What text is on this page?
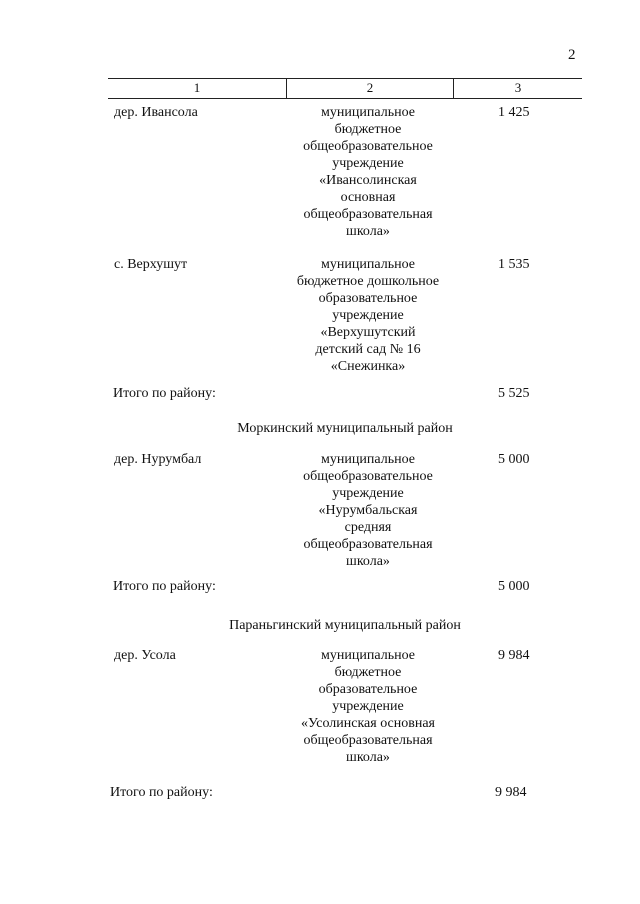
2
1	2	3
дер. Ивансола	муниципальное
бюджетное
общеобразовательное
учреждение
«Ивансолинская
основная
общеобразовательная
школа»
1 425
с. Верхушут	муниципальное
бюджетное дошкольное
образовательное
учреждение
«Верхушутский
детский сад № 16
«Снежинка»
1 535
Итого по району:	5 525
Моркинский муниципальный район
дер. Нурумбал	муниципальное
общеобразовательное
учреждение
«Нурумбальская
средняя
общеобразовательная
школа»
5 000
Итого по району:	5 000
Параньгинский муниципальный район
дер. Усола	муниципальное
бюджетное
образовательное
учреждение
«Усолинская основная
общеобразовательная
школа»
9 984
Итого по району:	9 984
